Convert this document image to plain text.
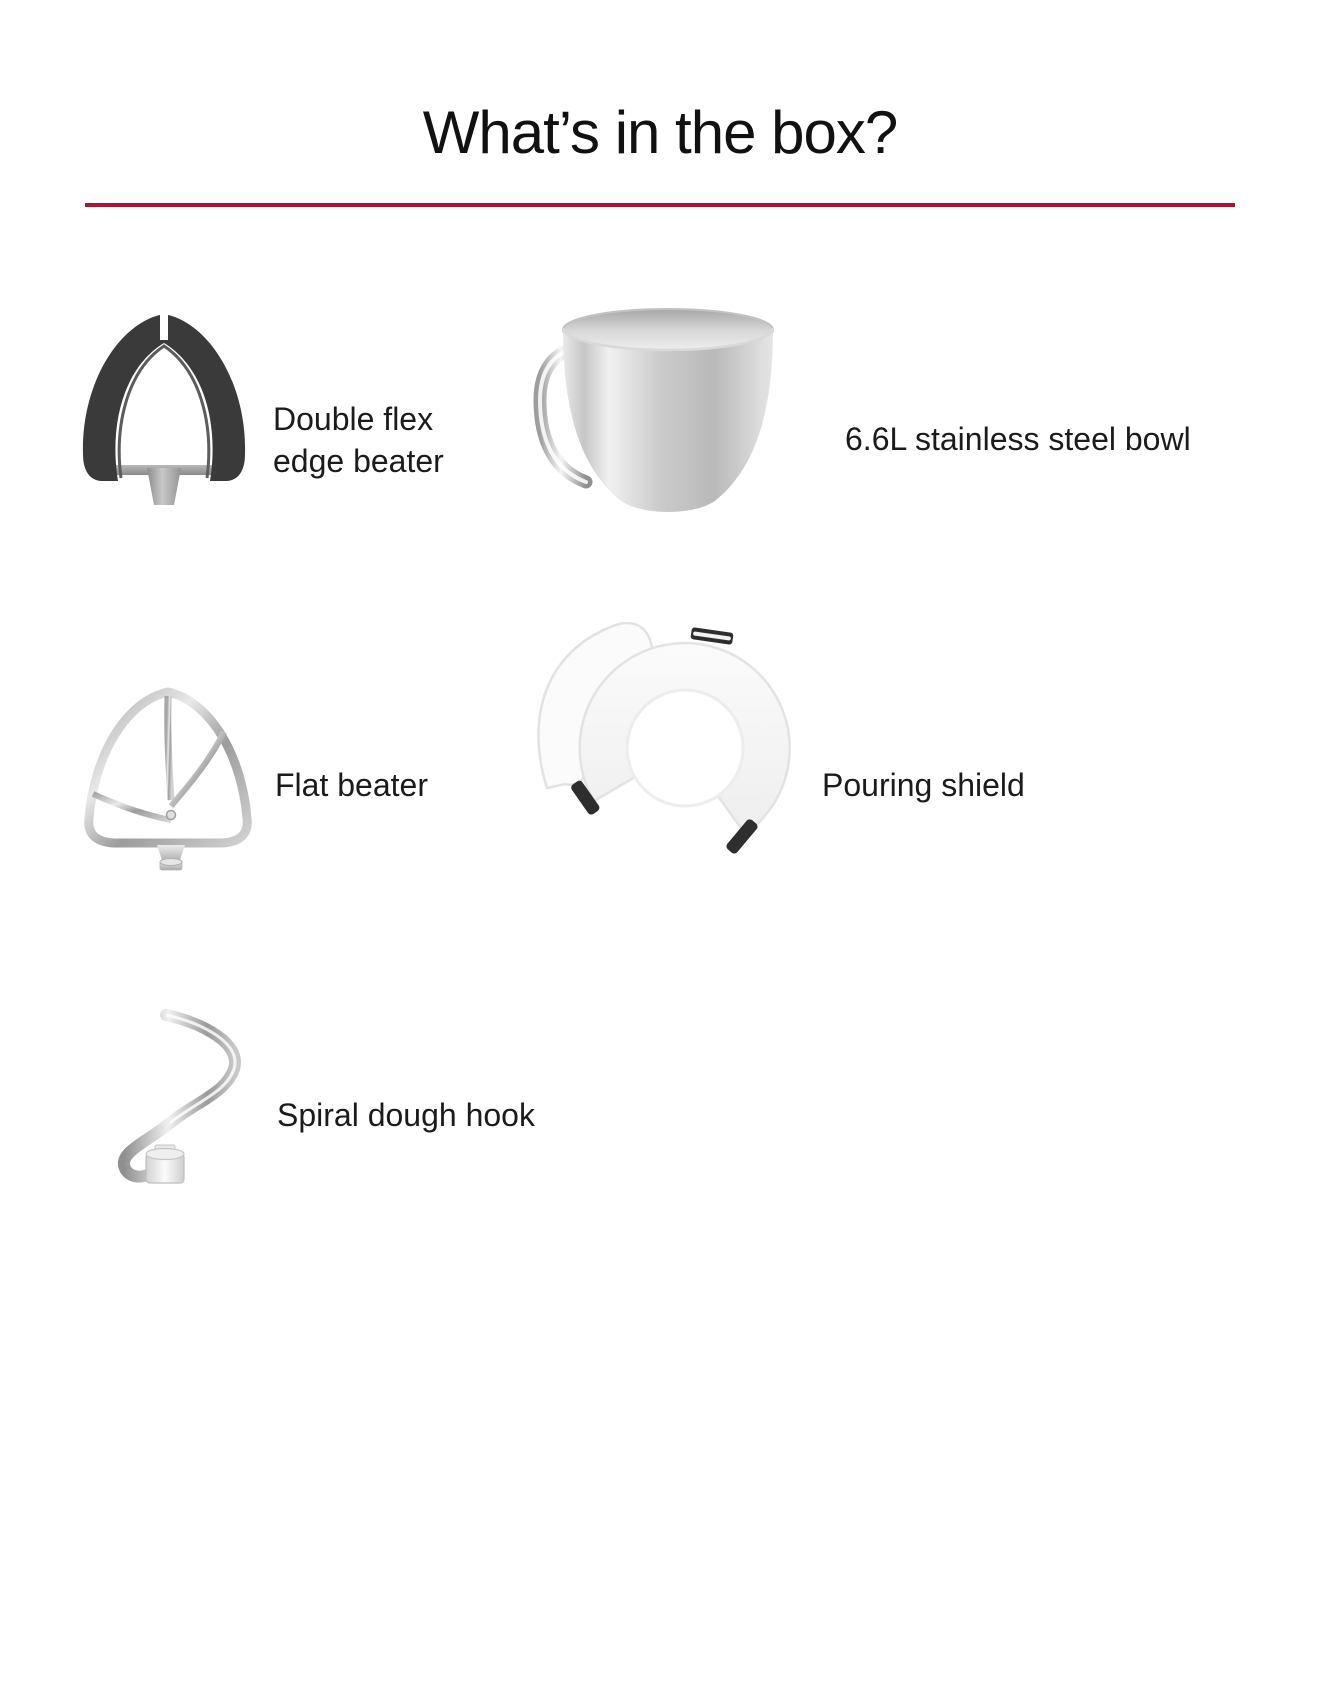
What’s in the box?
Double flex edge beater
6.6L stainless steel bowl
Flat beater	Pouring shield
Spiral dough hook
